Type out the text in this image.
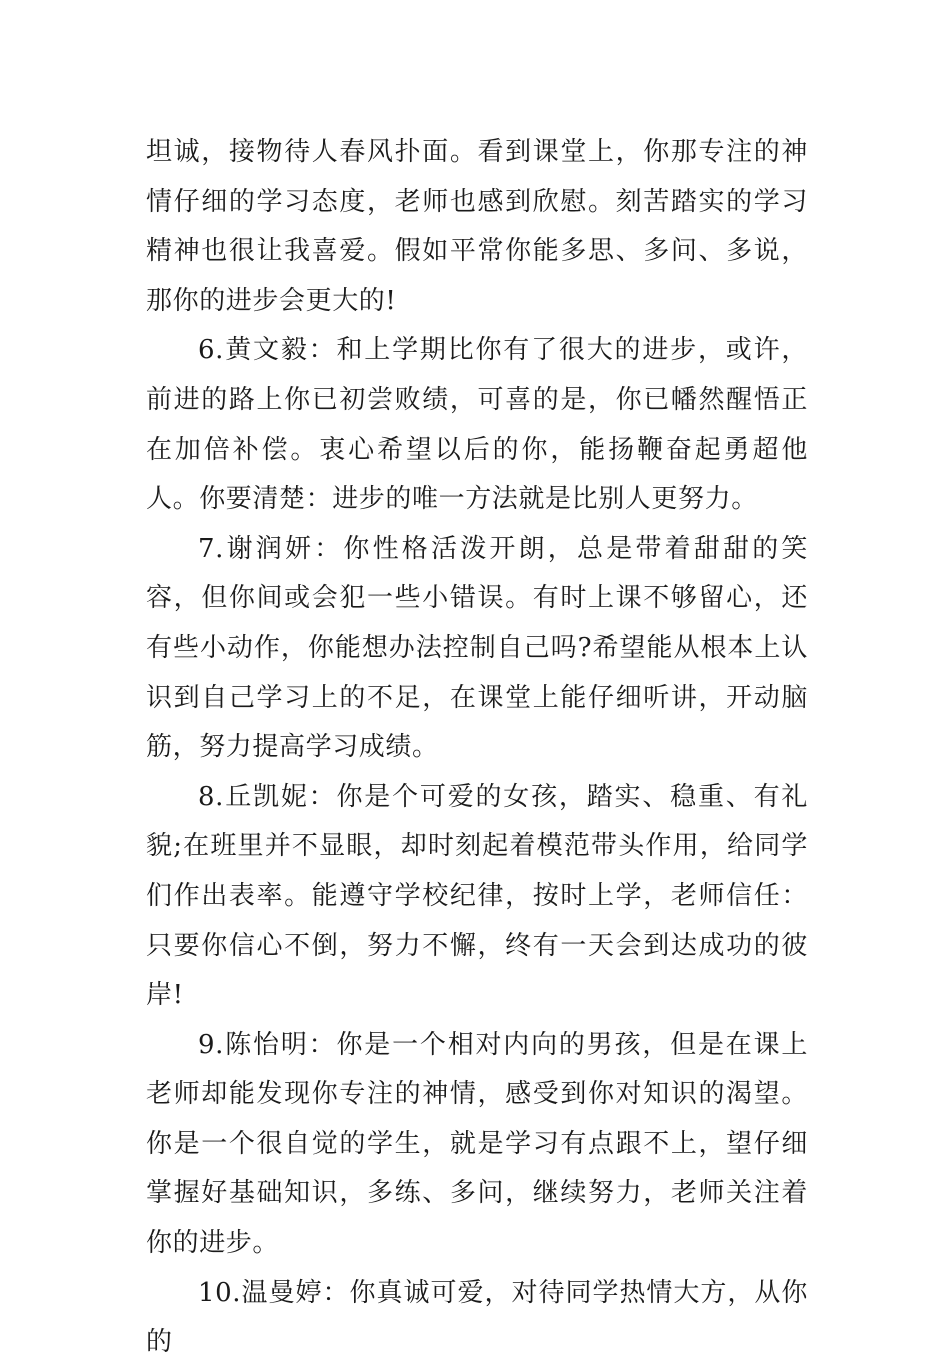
坦诚，接物待人春风扑面。看到课堂上，你那专注的神情仔细的学习态度，老师也感到欣慰。刻苦踏实的学习精神也很让我喜爱。假如平常你能多思、多问、多说，那你的进步会更大的!

6.黄文毅：和上学期比你有了很大的进步，或许，前进的路上你已初尝败绩，可喜的是，你已幡然醒悟正在加倍补偿。衷心希望以后的你，能扬鞭奋起勇超他人。你要清楚：进步的唯一方法就是比别人更努力。

7.谢润妍：你性格活泼开朗，总是带着甜甜的笑容，但你间或会犯一些小错误。有时上课不够留心，还有些小动作，你能想办法控制自己吗?希望能从根本上认识到自己学习上的不足，在课堂上能仔细听讲，开动脑筋，努力提高学习成绩。

8.丘凯妮：你是个可爱的女孩，踏实、稳重、有礼貌;在班里并不显眼，却时刻起着模范带头作用，给同学们作出表率。能遵守学校纪律，按时上学，老师信任：只要你信心不倒，努力不懈，终有一天会到达成功的彼岸!

9.陈怡明：你是一个相对内向的男孩，但是在课上老师却能发现你专注的神情，感受到你对知识的渴望。你是一个很自觉的学生，就是学习有点跟不上，望仔细掌握好基础知识，多练、多问，继续努力，老师关注着你的进步。

10.温曼婷：你真诚可爱，对待同学热情大方，从你的
